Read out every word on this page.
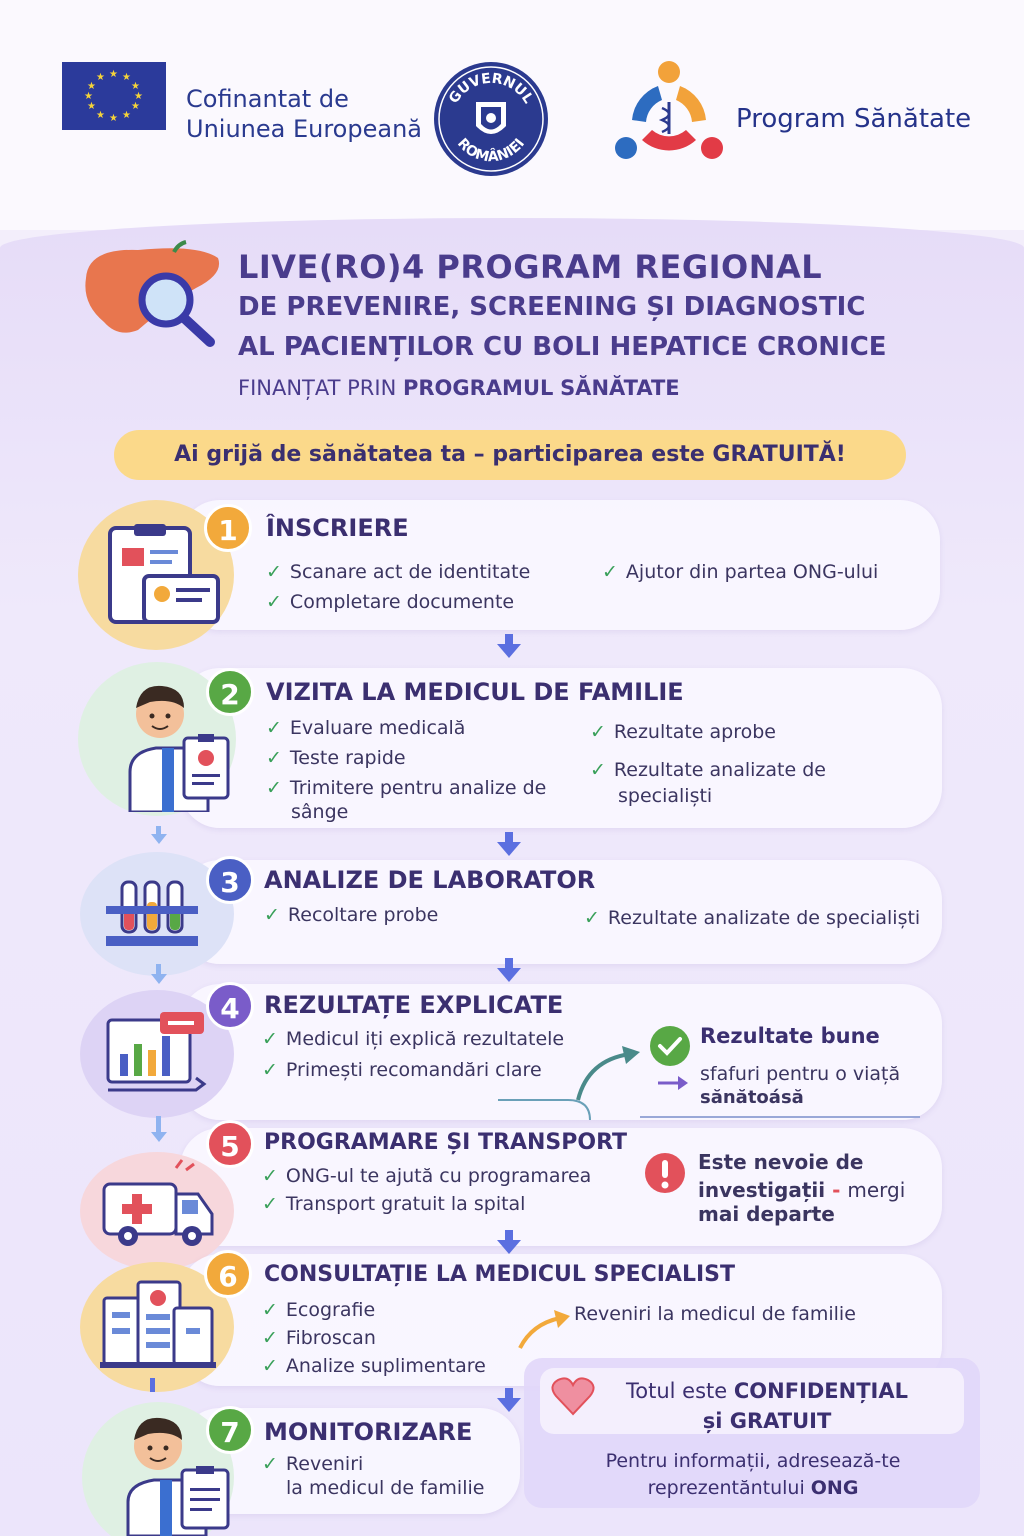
★ ★
★
★
★
★
★
★
★
★
★
★
Cofinantat de
Uniunea Europeană
GUVERNUL
ROMÂNIEI
Program Sănătate
LIVE(RO)4 PROGRAM REGIONAL
DE PREVENIRE, SCREENING ȘI DIAGNOSTIC
AL PACIENȚILOR CU BOLI HEPATICE CRONICE
FINANȚAT PRIN PROGRAMUL SĂNĂTATE
Ai grijă de sănătatea ta – participarea este GRATUITĂ!
1	ÎNSCRIERE
✓ Scanare act de identitate
✓ Completare documente
✓ Ajutor din partea ONG-ului
2	VIZITA LA MEDICUL DE FAMILIE
✓ Evaluare medicală
✓ Teste rapide
✓ Trimitere pentru analize de
sânge
✓ Rezultate aprobe
✓ Rezultate analizate de
specialiști
3	ANALIZE DE LABORATOR
✓ Recoltare probe
✓	Rezultate analizate de specialiști
4	REZULTAȚE EXPLICATE
✓ Medicul iți explică rezultatele
✓ Primești recomandări clare
Rezultate bune
sfafuri pentru o viață
sănătoásă
5	PROGRAMARE ȘI TRANSPORT
✓ ONG-ul te ajută cu programarea
✓ Transport gratuit la spital
Este nevoie de
investigații - mergi
mai departe
6	CONSULTAȚIE LA MEDICUL SPECIALIST
✓ Ecografie
✓ Fibroscan
✓ Analize suplimentare
Reveniri la medicul de familie
7	MONITORIZARE
✓ Reveniri
la medicul de familie
Totul este CONFIDENȚIAL
și GRATUIT
Pentru informații, adresează-te
reprezentăntului ONG
